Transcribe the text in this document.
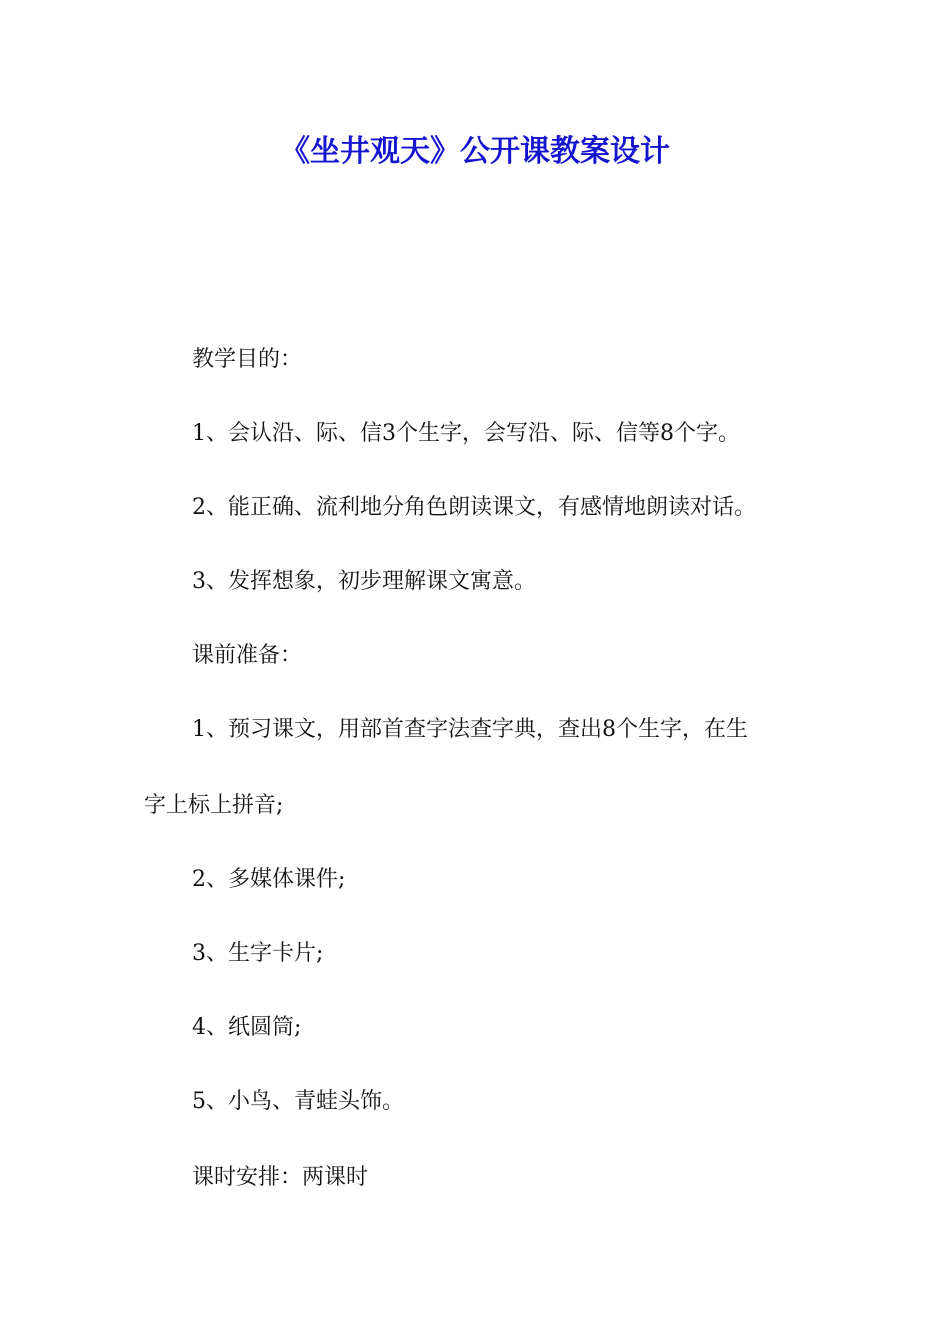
《坐井观天》公开课教案设计
教学目的：
1、会认沿、际、信3个生字，会写沿、际、信等8个字。
2、能正确、流利地分角色朗读课文，有感情地朗读对话。
3、发挥想象，初步理解课文寓意。
课前准备：
1、预习课文，用部首查字法查字典，查出8个生字，在生
字上标上拼音;
2、多媒体课件;
3、生字卡片;
4、纸圆筒;
5、小鸟、青蛙头饰。
课时安排：两课时
